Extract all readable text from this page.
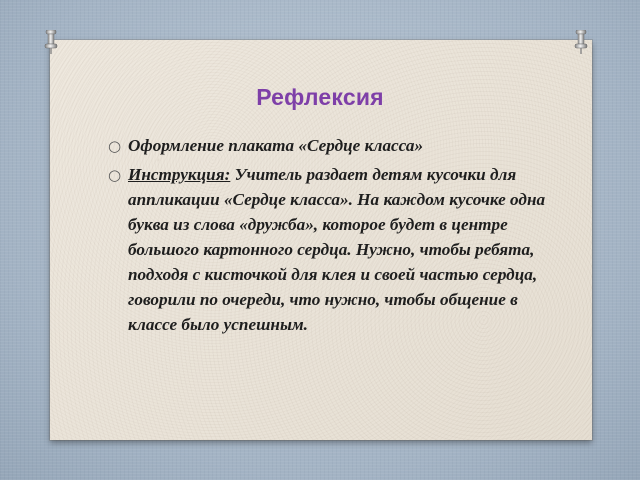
Рефлексия
○ Оформление плаката «Сердце класса»
○ Инструкция: Учитель раздает детям кусочки для аппликации «Сердце класса». На каждом кусочке одна буква из слова «дружба», которое будет в центре большого картонного сердца. Нужно, чтобы ребята, подходя с кисточкой для клея и своей частью сердца, говорили по очереди, что нужно, чтобы общение в классе было успешным.
